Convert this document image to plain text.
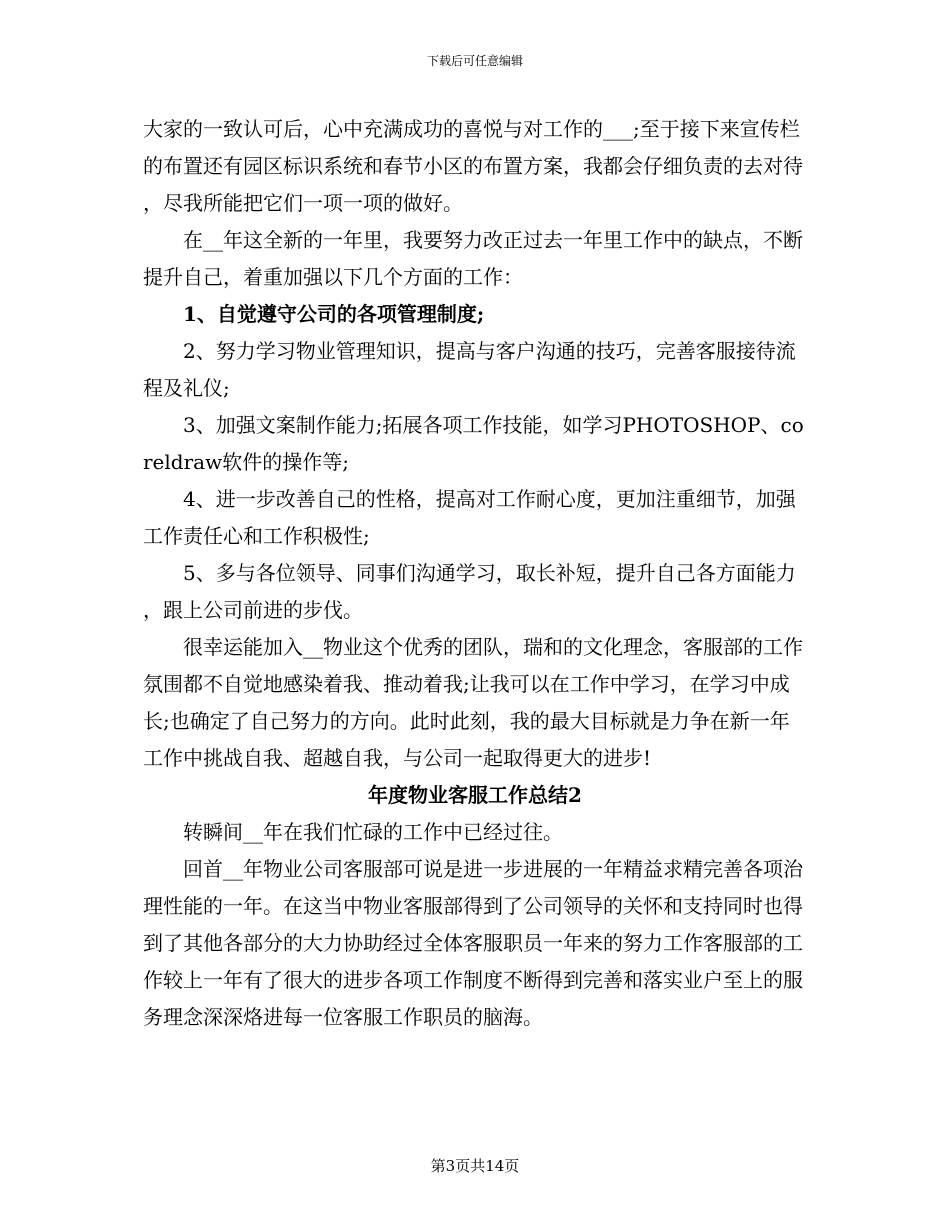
下载后可任意编辑

大家的一致认可后，心中充满成功的喜悦与对工作的___;至于接下来宣传栏的布置还有园区标识系统和春节小区的布置方案，我都会仔细负责的去对待，尽我所能把它们一项一项的做好。

在__年这全新的一年里，我要努力改正过去一年里工作中的缺点，不断提升自己，着重加强以下几个方面的工作：

1、自觉遵守公司的各项管理制度;

2、努力学习物业管理知识，提高与客户沟通的技巧，完善客服接待流程及礼仪;

3、加强文案制作能力;拓展各项工作技能，如学习PHOTOSHOP、coreldraw软件的操作等;

4、进一步改善自己的性格，提高对工作耐心度，更加注重细节，加强工作责任心和工作积极性;

5、多与各位领导、同事们沟通学习，取长补短，提升自己各方面能力，跟上公司前进的步伐。

很幸运能加入__物业这个优秀的团队，瑞和的文化理念，客服部的工作氛围都不自觉地感染着我、推动着我;让我可以在工作中学习，在学习中成长;也确定了自己努力的方向。此时此刻，我的最大目标就是力争在新一年工作中挑战自我、超越自我，与公司一起取得更大的进步!

年度物业客服工作总结2

转瞬间__年在我们忙碌的工作中已经过往。

回首__年物业公司客服部可说是进一步进展的一年精益求精完善各项治理性能的一年。在这当中物业客服部得到了公司领导的关怀和支持同时也得到了其他各部分的大力协助经过全体客服职员一年来的努力工作客服部的工作较上一年有了很大的进步各项工作制度不断得到完善和落实业户至上的服务理念深深烙进每一位客服工作职员的脑海。

第3页共14页
